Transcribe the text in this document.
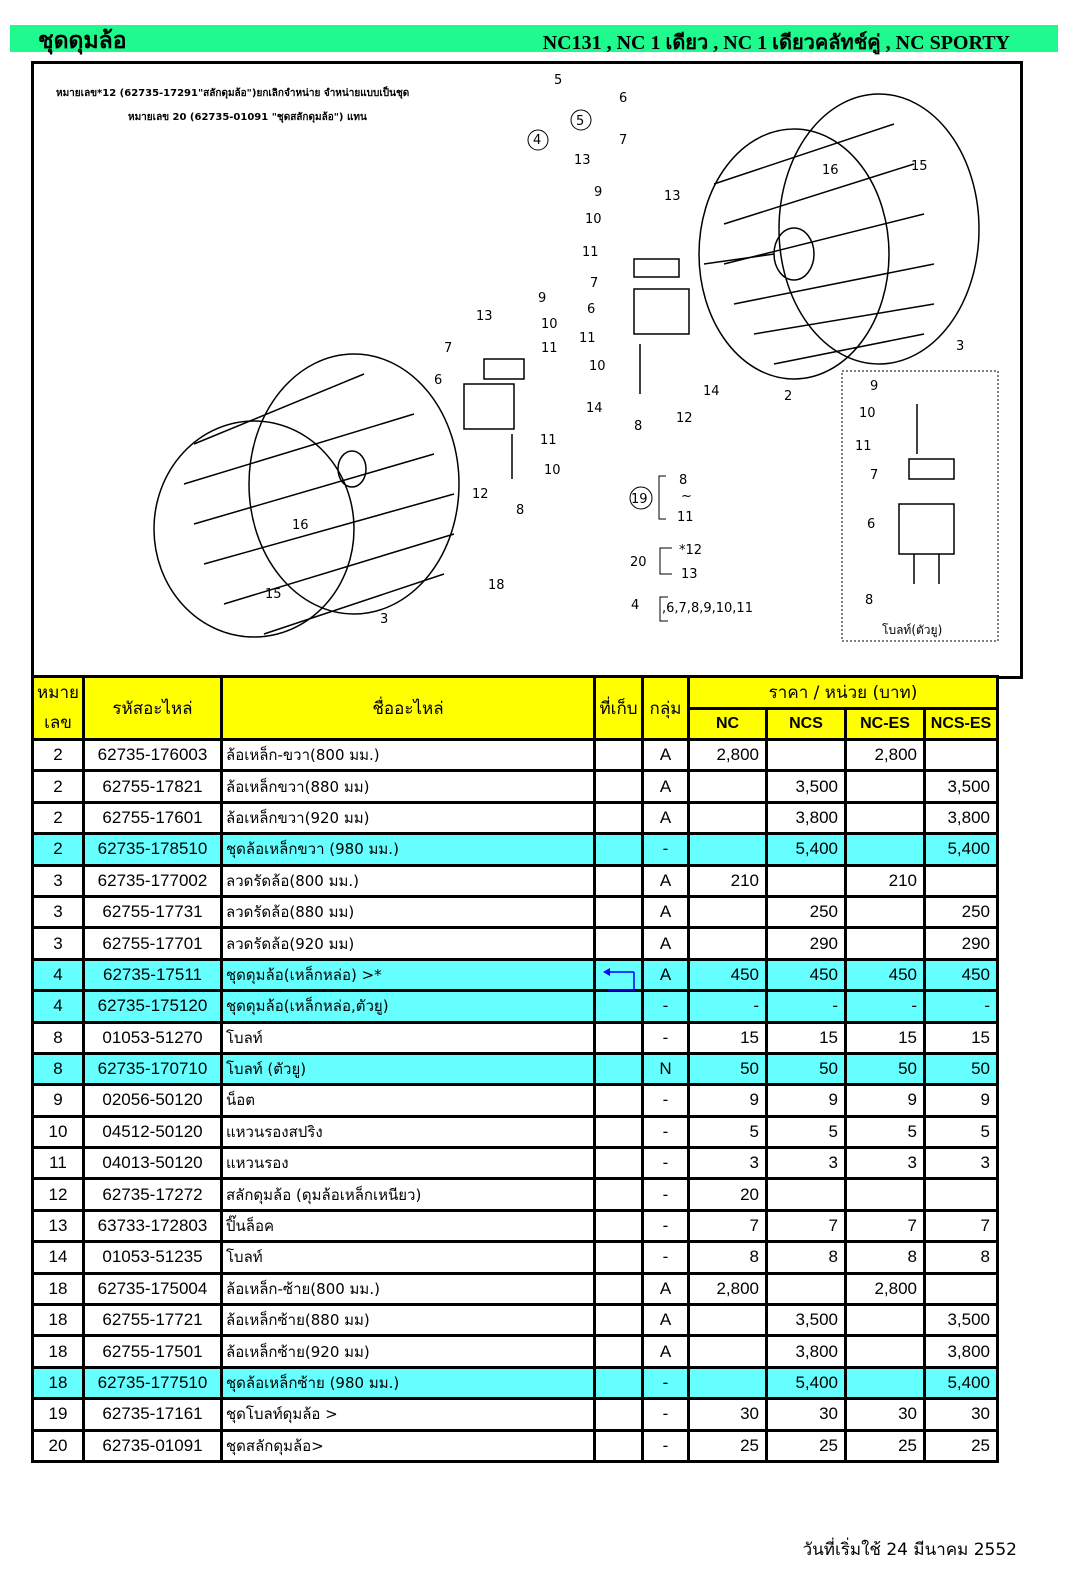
ชุดดุมล้อ	NC131 , NC 1 เดียว , NC 1 เดียวคลัทช์คู่ , NC SPORTY
หมายเลข*12 (62735-17291"สลักดุมล้อ")ยกเลิกจำหน่าย จำหน่ายแบบเป็นชุด
หมายเลข 20 (62735-01091 "ชุดสลักดุมล้อ") แทน
6
7
5
4
13
9
10
11
7
6
11
10
8
12
14
13
16	15
3
2
9
10
11
13
7
6
14
11
10
12
8
16
15
18
3
9
10
11
7
6
8
5
19
8
~
11
20
*12
13
4 ,6,7,8,9,10,11
โบลท์(ตัวยู)
หมาย
เลข	รหัสอะไหล่	ชื่ออะไหล่	ที่เก็บ	กลุ่ม	ราคา / หน่วย (บาท)			
					NC	NCS	NC-ES	NCS-ES
2	62735-176003	ล้อเหล็ก-ขวา(800 มม.)		A	2,800		2,800	
2	62755-17821	ล้อเหล็กขวา(880 มม)		A		3,500		3,500
2	62755-17601	ล้อเหล็กขวา(920 มม)		A		3,800		3,800
2	62735-178510	ชุดล้อเหล็กขวา (980 มม.)		-		5,400		5,400
3	62735-177002	ลวดรัดล้อ(800 มม.)		A	210		210	
3	62755-17731	ลวดรัดล้อ(880 มม)		A		250		250
3	62755-17701	ลวดรัดล้อ(920 มม)		A		290		290
4	62735-17511	ชุดดุมล้อ(เหล็กหล่อ) >*		A	450	450	450	450
4	62735-175120	ชุดดุมล้อ(เหล็กหล่อ,ตัวยู)		-	-	-	-	-
8	01053-51270	โบลท์		-	15	15	15	15
8	62735-170710	โบลท์ (ตัวยู)		N	50	50	50	50
9	02056-50120	น็อต		-	9	9	9	9
10	04512-50120	แหวนรองสปริง		-	5	5	5	5
11	04013-50120	แหวนรอง		-	3	3	3	3
12	62735-17272	สลักดุมล้อ (ดุมล้อเหล็กเหนียว)		-	20			
13	63733-172803	ปิ๊นล็อค		-	7	7	7	7
14	01053-51235	โบลท์		-	8	8	8	8
18	62735-175004	ล้อเหล็ก-ซ้าย(800 มม.)		A	2,800		2,800	
18	62755-17721	ล้อเหล็กซ้าย(880 มม)		A		3,500		3,500
18	62755-17501	ล้อเหล็กซ้าย(920 มม)		A		3,800		3,800
18	62735-177510	ชุดล้อเหล็กซ้าย (980 มม.)		-		5,400		5,400
19	62735-17161	ชุดโบลท์ดุมล้อ >		-	30	30	30	30
20	62735-01091	ชุดสลักดุมล้อ>		-	25	25	25	25
วันที่เริ่มใช้ 24 มีนาคม 2552
